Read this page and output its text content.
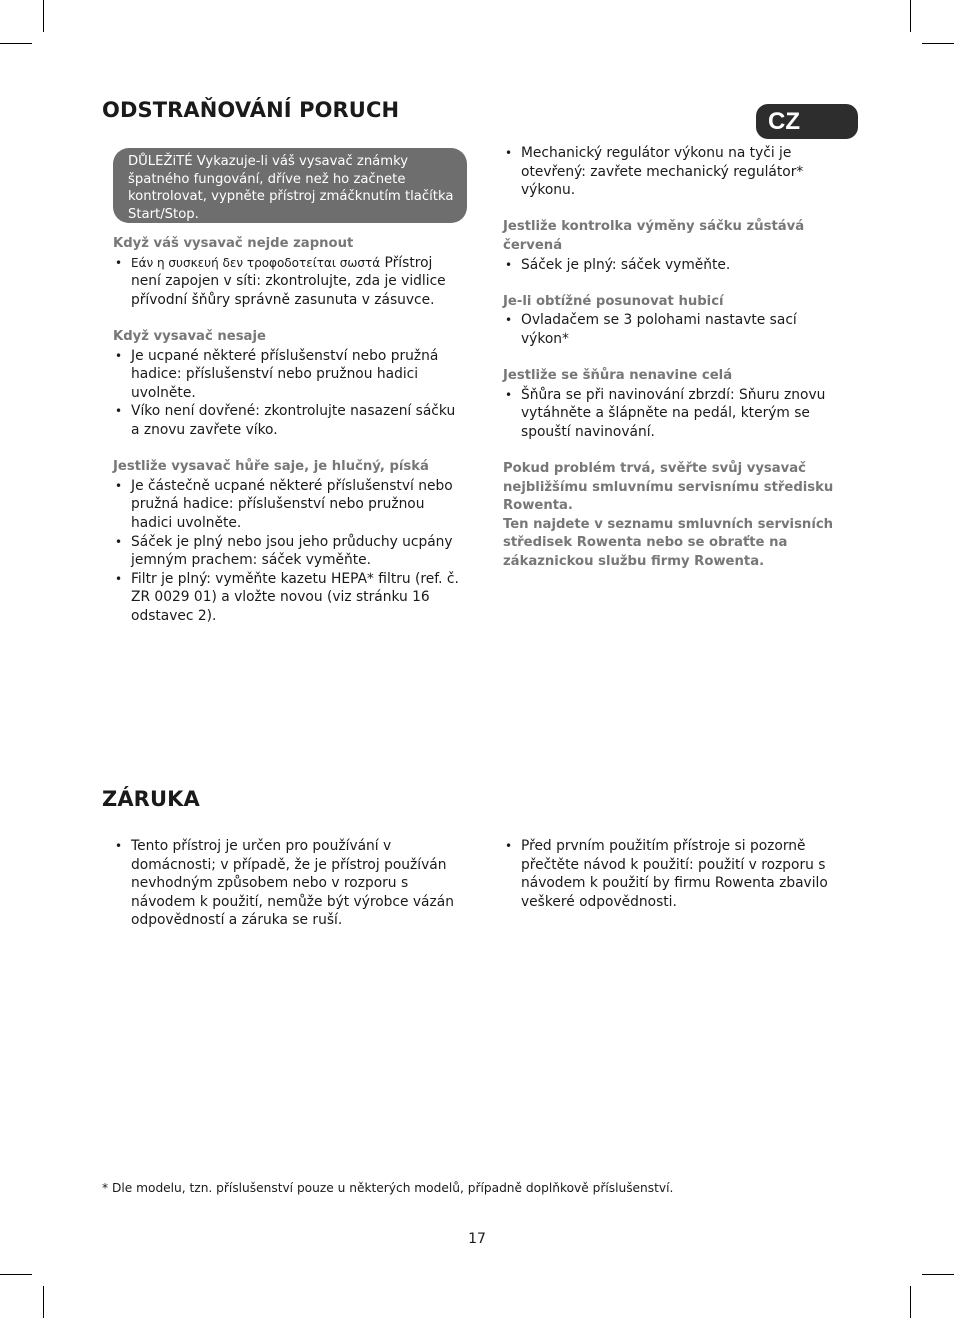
ODSTRAŇOVÁNÍ PORUCH	CZ
DŮLEŽiTÉ Vykazuje-li váš vysavač známky špatného fungování, dříve než ho začnete kontrolovat, vypněte přístroj zmáčknutím tlačítka Start/Stop.

Když váš vysavač nejde zapnout

• Εάν η συσκευή δεν τροφοδοτείται σωστά Přístroj není zapojen v síti: zkontrolujte, zda je vidlice přívodní šňůry správně zasunuta v zásuvce.

Když vysavač nesaje

• Je ucpané některé příslušenství nebo pružná hadice: příslušenství nebo pružnou hadici uvolněte.
• Víko není dovřené: zkontrolujte nasazení sáčku a znovu zavřete víko.

Jestliže vysavač hůře saje, je hlučný, píská

• Je částečně ucpané některé příslušenství nebo pružná hadice: příslušenství nebo pružnou hadici uvolněte.
• Sáček je plný nebo jsou jeho průduchy ucpány jemným prachem: sáček vyměňte.
• Filtr je plný: vyměňte kazetu HEPA* filtru (ref. č. ZR 0029 01) a vložte novou (viz stránku 16 odstavec 2).
• Mechanický regulátor výkonu na tyči je otevřený: zavřete mechanický regulátor* výkonu.

Jestliže kontrolka výměny sáčku zůstává červená

• Sáček je plný: sáček vyměňte.

Je-li obtížné posunovat hubicí

• Ovladačem se 3 polohami nastavte sací výkon*

Jestliže se šňůra nenavine celá

• Šňůra se při navinování zbrzdí: Sňuru znovu vytáhněte a šlápněte na pedál, kterým se spouští navinování.

Pokud problém trvá, svěřte svůj vysavač nejbližšímu smluvnímu servisnímu středisku Rowenta.

Ten najdete v seznamu smluvních servisních středisek Rowenta nebo se obraťte na zákaznickou službu firmy Rowenta.

ZÁRUKA
• Tento přístroj je určen pro používání v domácnosti; v případě, že je přístroj používán nevhodným způsobem nebo v rozporu s návodem k použití, nemůže být výrobce vázán odpovědností a záruka se ruší.
• Před prvním použitím přístroje si pozorně přečtěte návod k použití: použití v rozporu s návodem k použití by firmu Rowenta zbavilo veškeré odpovědnosti.
* Dle modelu, tzn. příslušenství pouze u některých modelů, případně doplňkově příslušenství.
17
